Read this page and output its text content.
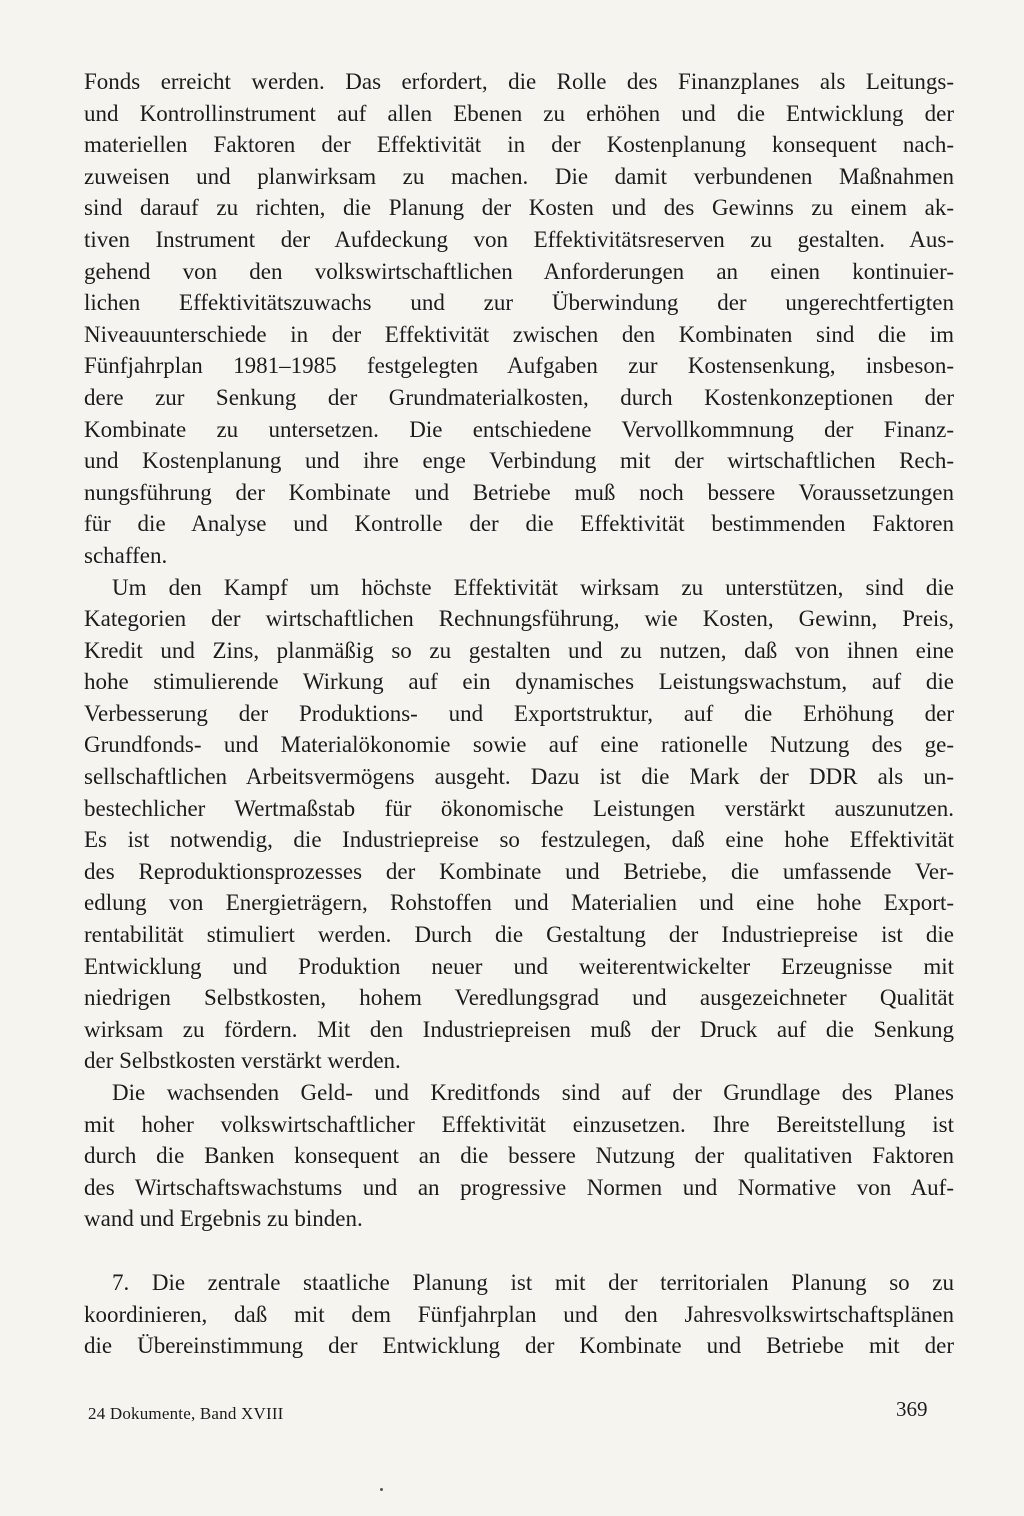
Fonds erreicht werden. Das erfordert, die Rolle des Finanzplanes als Leitungs-
und Kontrollinstrument auf allen Ebenen zu erhöhen und die Entwicklung der
materiellen Faktoren der Effektivität in der Kostenplanung konsequent nach-
zuweisen und planwirksam zu machen. Die damit verbundenen Maßnahmen
sind darauf zu richten, die Planung der Kosten und des Gewinns zu einem ak-
tiven Instrument der Aufdeckung von Effektivitätsreserven zu gestalten. Aus-
gehend von den volkswirtschaftlichen Anforderungen an einen kontinuier-
lichen Effektivitätszuwachs und zur Überwindung der ungerechtfertigten
Niveauunterschiede in der Effektivität zwischen den Kombinaten sind die im
Fünfjahrplan 1981–1985 festgelegten Aufgaben zur Kostensenkung, insbeson-
dere zur Senkung der Grundmaterialkosten, durch Kostenkonzeptionen der
Kombinate zu untersetzen. Die entschiedene Vervollkommnung der Finanz-
und Kostenplanung und ihre enge Verbindung mit der wirtschaftlichen Rech-
nungsführung der Kombinate und Betriebe muß noch bessere Voraussetzungen
für die Analyse und Kontrolle der die Effektivität bestimmenden Faktoren
schaffen.
Um den Kampf um höchste Effektivität wirksam zu unterstützen, sind die
Kategorien der wirtschaftlichen Rechnungsführung, wie Kosten, Gewinn, Preis,
Kredit und Zins, planmäßig so zu gestalten und zu nutzen, daß von ihnen eine
hohe stimulierende Wirkung auf ein dynamisches Leistungswachstum, auf die
Verbesserung der Produktions- und Exportstruktur, auf die Erhöhung der
Grundfonds- und Materialökonomie sowie auf eine rationelle Nutzung des ge-
sellschaftlichen Arbeitsvermögens ausgeht. Dazu ist die Mark der DDR als un-
bestechlicher Wertmaßstab für ökonomische Leistungen verstärkt auszunutzen.
Es ist notwendig, die Industriepreise so festzulegen, daß eine hohe Effektivität
des Reproduktionsprozesses der Kombinate und Betriebe, die umfassende Ver-
edlung von Energieträgern, Rohstoffen und Materialien und eine hohe Export-
rentabilität stimuliert werden. Durch die Gestaltung der Industriepreise ist die
Entwicklung und Produktion neuer und weiterentwickelter Erzeugnisse mit
niedrigen Selbstkosten, hohem Veredlungsgrad und ausgezeichneter Qualität
wirksam zu fördern. Mit den Industriepreisen muß der Druck auf die Senkung
der Selbstkosten verstärkt werden.
Die wachsenden Geld- und Kreditfonds sind auf der Grundlage des Planes
mit hoher volkswirtschaftlicher Effektivität einzusetzen. Ihre Bereitstellung ist
durch die Banken konsequent an die bessere Nutzung der qualitativen Faktoren
des Wirtschaftswachstums und an progressive Normen und Normative von Auf-
wand und Ergebnis zu binden.
7. Die zentrale staatliche Planung ist mit der territorialen Planung so zu
koordinieren, daß mit dem Fünfjahrplan und den Jahresvolkswirtschaftsplänen
die Übereinstimmung der Entwicklung der Kombinate und Betriebe mit der
24 Dokumente, Band XVIII	369
